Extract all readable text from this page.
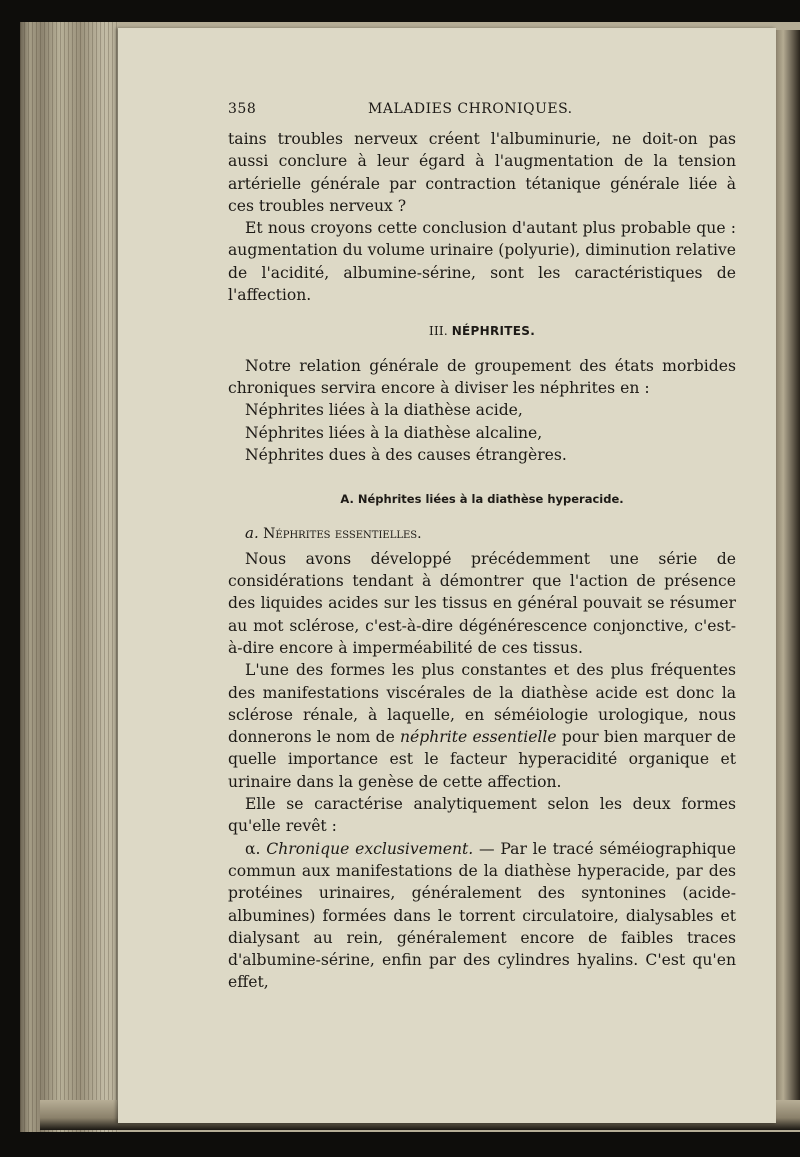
358	MALADIES CHRONIQUES.

tains troubles nerveux créent l'albuminurie, ne doit-on pas aussi conclure à leur égard à l'augmentation de la tension artérielle générale par contraction tétanique générale liée à ces troubles nerveux ?

Et nous croyons cette conclusion d'autant plus probable que : augmentation du volume urinaire (polyurie), diminution relative de l'acidité, albumine-sérine, sont les caractéristiques de l'affection.

III. NÉPHRITES.

Notre relation générale de groupement des états morbides chroniques servira encore à diviser les néphrites en :

Néphrites liées à la diathèse acide,
Néphrites liées à la diathèse alcaline,
Néphrites dues à des causes étrangères.
A. Néphrites liées à la diathèse hyperacide.
a. Néphrites essentielles.

Nous avons développé précédemment une série de considérations tendant à démontrer que l'action de présence des liquides acides sur les tissus en général pouvait se résumer au mot sclérose, c'est-à-dire dégénérescence conjonctive, c'est-à-dire encore à imperméabilité de ces tissus.

L'une des formes les plus constantes et des plus fréquentes des manifestations viscérales de la diathèse acide est donc la sclérose rénale, à laquelle, en séméiologie urologique, nous donnerons le nom de néphrite essentielle pour bien marquer de quelle importance est le facteur hyperacidité organique et urinaire dans la genèse de cette affection.

Elle se caractérise analytiquement selon les deux formes qu'elle revêt :

α. Chronique exclusivement. — Par le tracé séméiographique commun aux manifestations de la diathèse hyperacide, par des protéines urinaires, généralement des syntonines (acide-albumines) formées dans le torrent circulatoire, dialysables et dialysant au rein, généralement encore de faibles traces d'albumine-sérine, enfin par des cylindres hyalins. C'est qu'en effet,
